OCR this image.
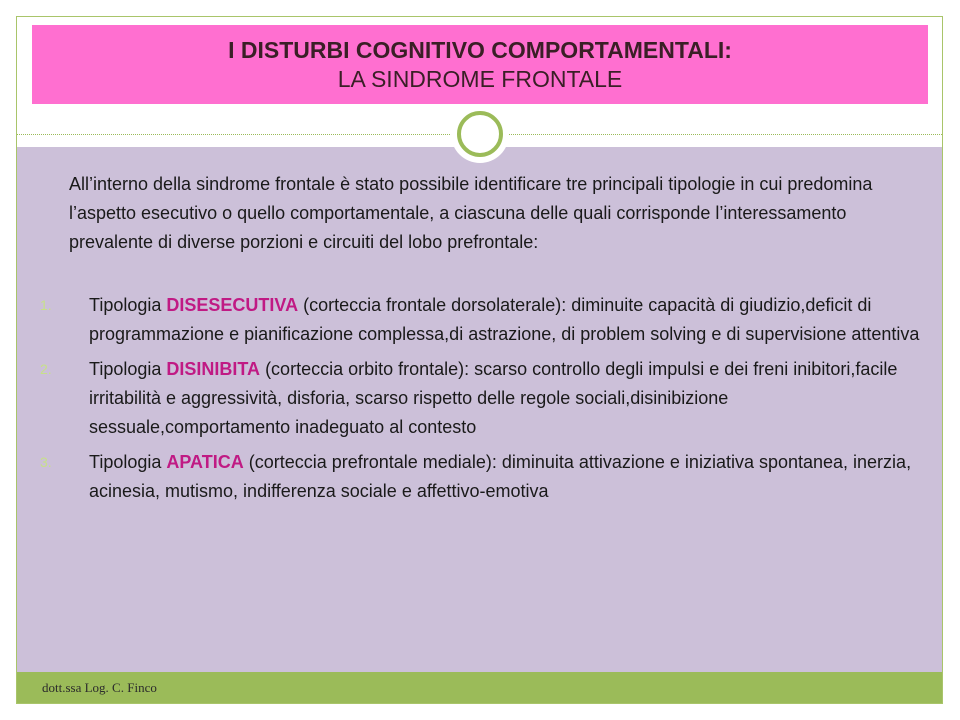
I DISTURBI COGNITIVO COMPORTAMENTALI:
LA SINDROME FRONTALE
All’interno della sindrome frontale è stato possibile identificare tre principali tipologie in cui predomina l’aspetto esecutivo o quello comportamentale, a ciascuna delle quali corrisponde l’interessamento prevalente di diverse porzioni e circuiti del lobo prefrontale:
1. Tipologia DISESECUTIVA (corteccia frontale dorsolaterale): diminuite capacità di giudizio,deficit di programmazione e pianificazione complessa,di astrazione, di problem solving e di supervisione attentiva
2. Tipologia DISINIBITA (corteccia orbito frontale): scarso controllo degli impulsi e dei freni inibitori,facile irritabilità e aggressività, disforia, scarso rispetto delle regole sociali,disinibizione sessuale,comportamento inadeguato al contesto
3. Tipologia APATICA (corteccia prefrontale mediale): diminuita attivazione e iniziativa spontanea, inerzia, acinesia, mutismo, indifferenza sociale e affettivo-emotiva
dott.ssa Log. C. Finco
